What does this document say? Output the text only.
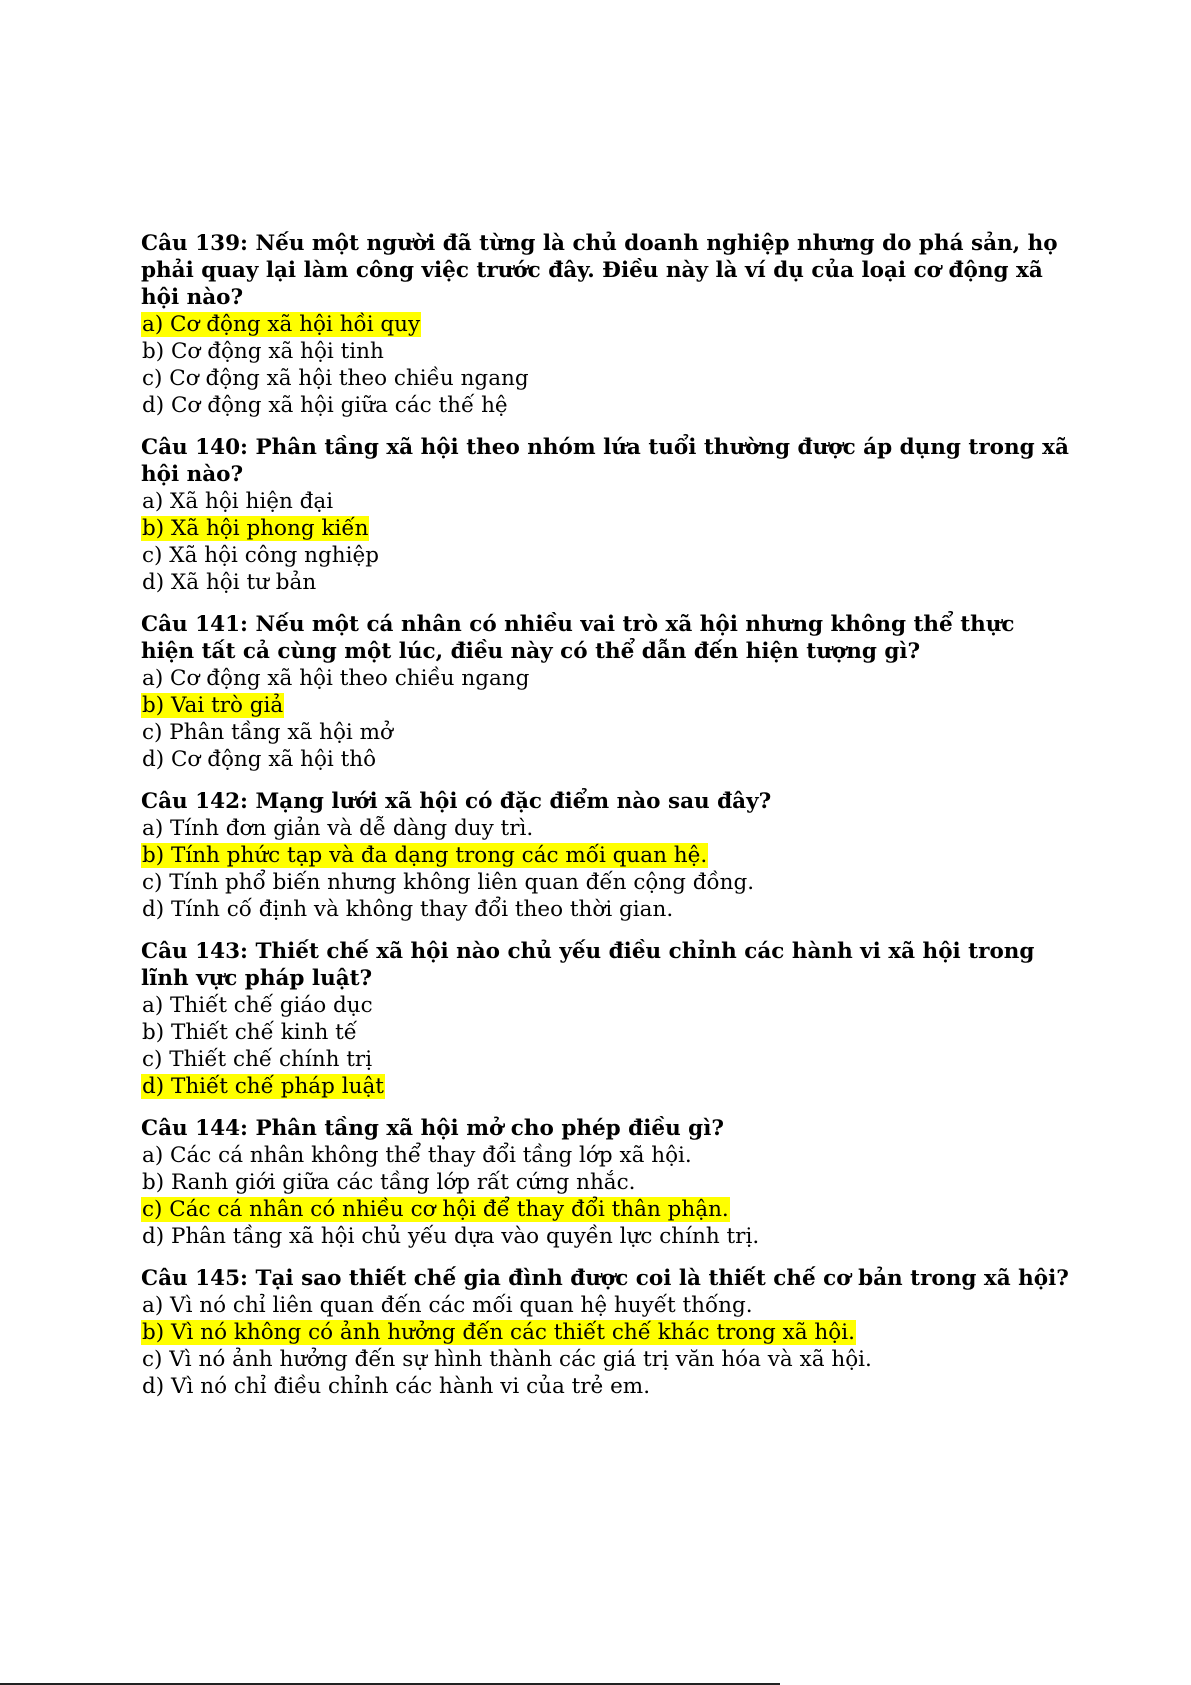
Câu 139: Nếu một người đã từng là chủ doanh nghiệp nhưng do phá sản, họ phải quay lại làm công việc trước đây. Điều này là ví dụ của loại cơ động xã hội nào?

a) Cơ động xã hội hồi quy

b) Cơ động xã hội tinh

c) Cơ động xã hội theo chiều ngang

d) Cơ động xã hội giữa các thế hệ

Câu 140: Phân tầng xã hội theo nhóm lứa tuổi thường được áp dụng trong xã hội nào?

a) Xã hội hiện đại

b) Xã hội phong kiến

c) Xã hội công nghiệp

d) Xã hội tư bản

Câu 141: Nếu một cá nhân có nhiều vai trò xã hội nhưng không thể thực hiện tất cả cùng một lúc, điều này có thể dẫn đến hiện tượng gì?

a) Cơ động xã hội theo chiều ngang

b) Vai trò giả

c) Phân tầng xã hội mở

d) Cơ động xã hội thô

Câu 142: Mạng lưới xã hội có đặc điểm nào sau đây?

a) Tính đơn giản và dễ dàng duy trì.

b) Tính phức tạp và đa dạng trong các mối quan hệ.

c) Tính phổ biến nhưng không liên quan đến cộng đồng.

d) Tính cố định và không thay đổi theo thời gian.

Câu 143: Thiết chế xã hội nào chủ yếu điều chỉnh các hành vi xã hội trong lĩnh vực pháp luật?

a) Thiết chế giáo dục

b) Thiết chế kinh tế

c) Thiết chế chính trị

d) Thiết chế pháp luật

Câu 144: Phân tầng xã hội mở cho phép điều gì?

a) Các cá nhân không thể thay đổi tầng lớp xã hội.

b) Ranh giới giữa các tầng lớp rất cứng nhắc.

c) Các cá nhân có nhiều cơ hội để thay đổi thân phận.

d) Phân tầng xã hội chủ yếu dựa vào quyền lực chính trị.

Câu 145: Tại sao thiết chế gia đình được coi là thiết chế cơ bản trong xã hội?

a) Vì nó chỉ liên quan đến các mối quan hệ huyết thống.

b) Vì nó không có ảnh hưởng đến các thiết chế khác trong xã hội.

c) Vì nó ảnh hưởng đến sự hình thành các giá trị văn hóa và xã hội.

d) Vì nó chỉ điều chỉnh các hành vi của trẻ em.
